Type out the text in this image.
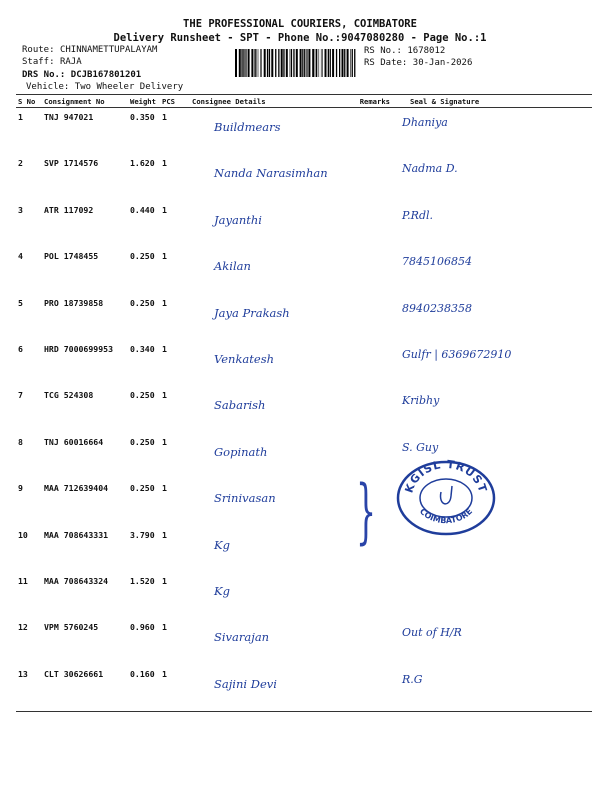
THE PROFESSIONAL COURIERS, COIMBATORE
Delivery Runsheet - SPT - Phone No.:9047080280 - Page No.:1
Route: CHINNAMETTUPALAYAM
Staff: RAJA
DRS No.: DCJB167801201
Vehicle: Two Wheeler Delivery
RS No.: 1678012
RS Date: 30-Jan-2026
S No	Consignment No	Weight	PCS	Consignee Details	Remarks	Seal & Signature
1	TNJ 947021	0.350	1	Buildmears		Dhaniya
2	SVP 1714576	1.620	1	Nanda Narasimhan		Nadma D.
3	ATR 117092	0.440	1	Jayanthi		P.Rdl.
4	POL 1748455	0.250	1	Akilan		7845106854
5	PRO 18739858	0.250	1	Jaya Prakash		8940238358
6	HRD 7000699953	0.340	1	Venkatesh		Gulfr | 6369672910
7	TCG 524308	0.250	1	Sabarish		Kribhy
8	TNJ 60016664	0.250	1	Gopinath		S. Guy
9	MAA 712639404	0.250	1	Srinivasan		
10	MAA 708643331	3.790	1	Kg		
11	MAA 708643324	1.520	1	Kg		
12	VPM 5760245	0.960	1	Sivarajan		Out of H/R
13	CLT 30626661	0.160	1	Sajini Devi		R.G
} KGISL TRUST
COIMBATORE
